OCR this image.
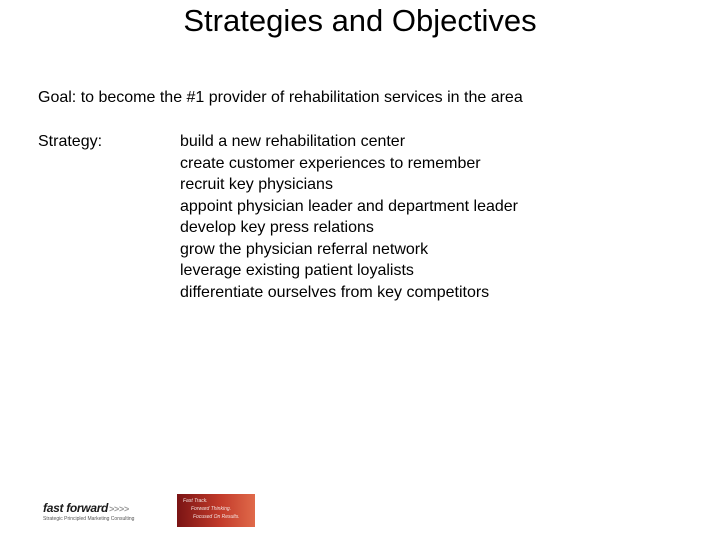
Strategies and Objectives
Goal: to become the #1 provider of rehabilitation services in the area
Strategy:	build a new rehabilitation center
create customer experiences to remember
recruit key physicians
appoint physician leader and department leader
develop key press relations
grow the physician referral network
leverage existing patient loyalists
differentiate ourselves from key competitors
fast forward>>>>
Strategic Principled Marketing Consulting
Fast Track.
Forward Thinking.
Focused On Results.
